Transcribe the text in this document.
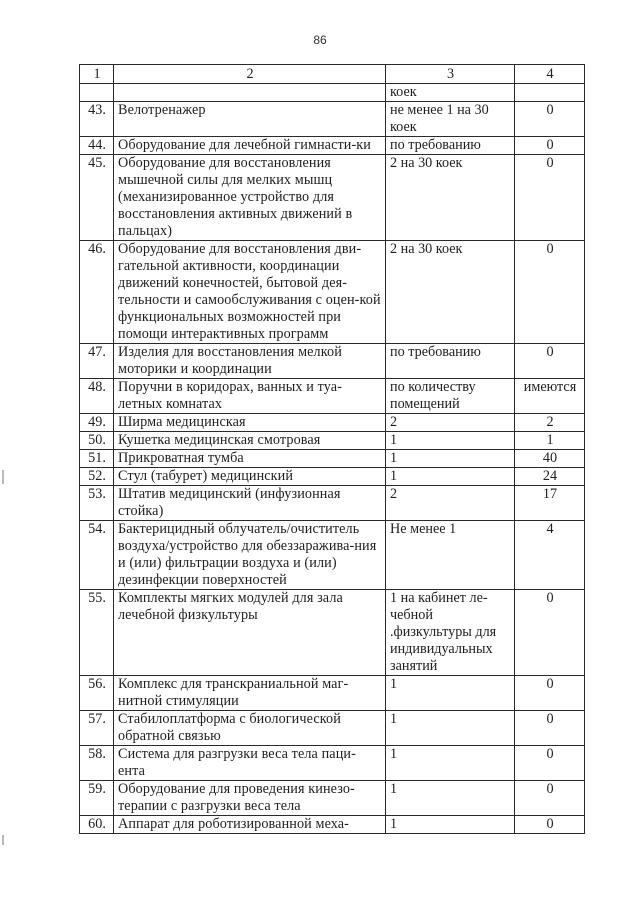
86
1	2	3	4
		коек	
43.	Велотренажер	не менее 1 на 30 коек	0
44.	Оборудование для лечебной гимнасти-ки	по требованию	0
45.	Оборудование для восстановления мышечной силы для мелких мышц (механизированное устройство для восстановления активных движений в пальцах)	2 на 30 коек	0
46.	Оборудование для восстановления дви-гательной активности, координации движений конечностей, бытовой дея-тельности и самообслуживания с оцен-кой функциональных возможностей при помощи интерактивных программ	2 на 30 коек	0
47.	Изделия для восстановления мелкой моторики и координации	по требованию	0
48.	Поручни в коридорах, ванных и туа-летных комнатах	по количеству помещений	имеются
49.	Ширма медицинская	2	2
50.	Кушетка медицинская смотровая	1	1
51.	Прикроватная тумба	1	40
52.	Стул (табурет) медицинский	1	24
53.	Штатив медицинский (инфузионная стойка)	2	17
54.	Бактерицидный облучатель/очиститель воздуха/устройство для обеззаражива-ния и (или) фильтрации воздуха и (или) дезинфекции поверхностей	Не менее 1	4
55.	Комплекты мягких модулей для зала лечебной физкультуры	1 на кабинет ле-чебной .физкультуры для индивидуальных занятий	0
56.	Комплекс для транскраниальной маг-нитной стимуляции	1	0
57.	Стабилоплатформа с биологической обратной связью	1	0
58.	Система для разгрузки веса тела паци-ента	1	0
59.	Оборудование для проведения кинезо-терапии с разгрузки веса тела	1	0
60.	Аппарат для роботизированной меха-	1	0
